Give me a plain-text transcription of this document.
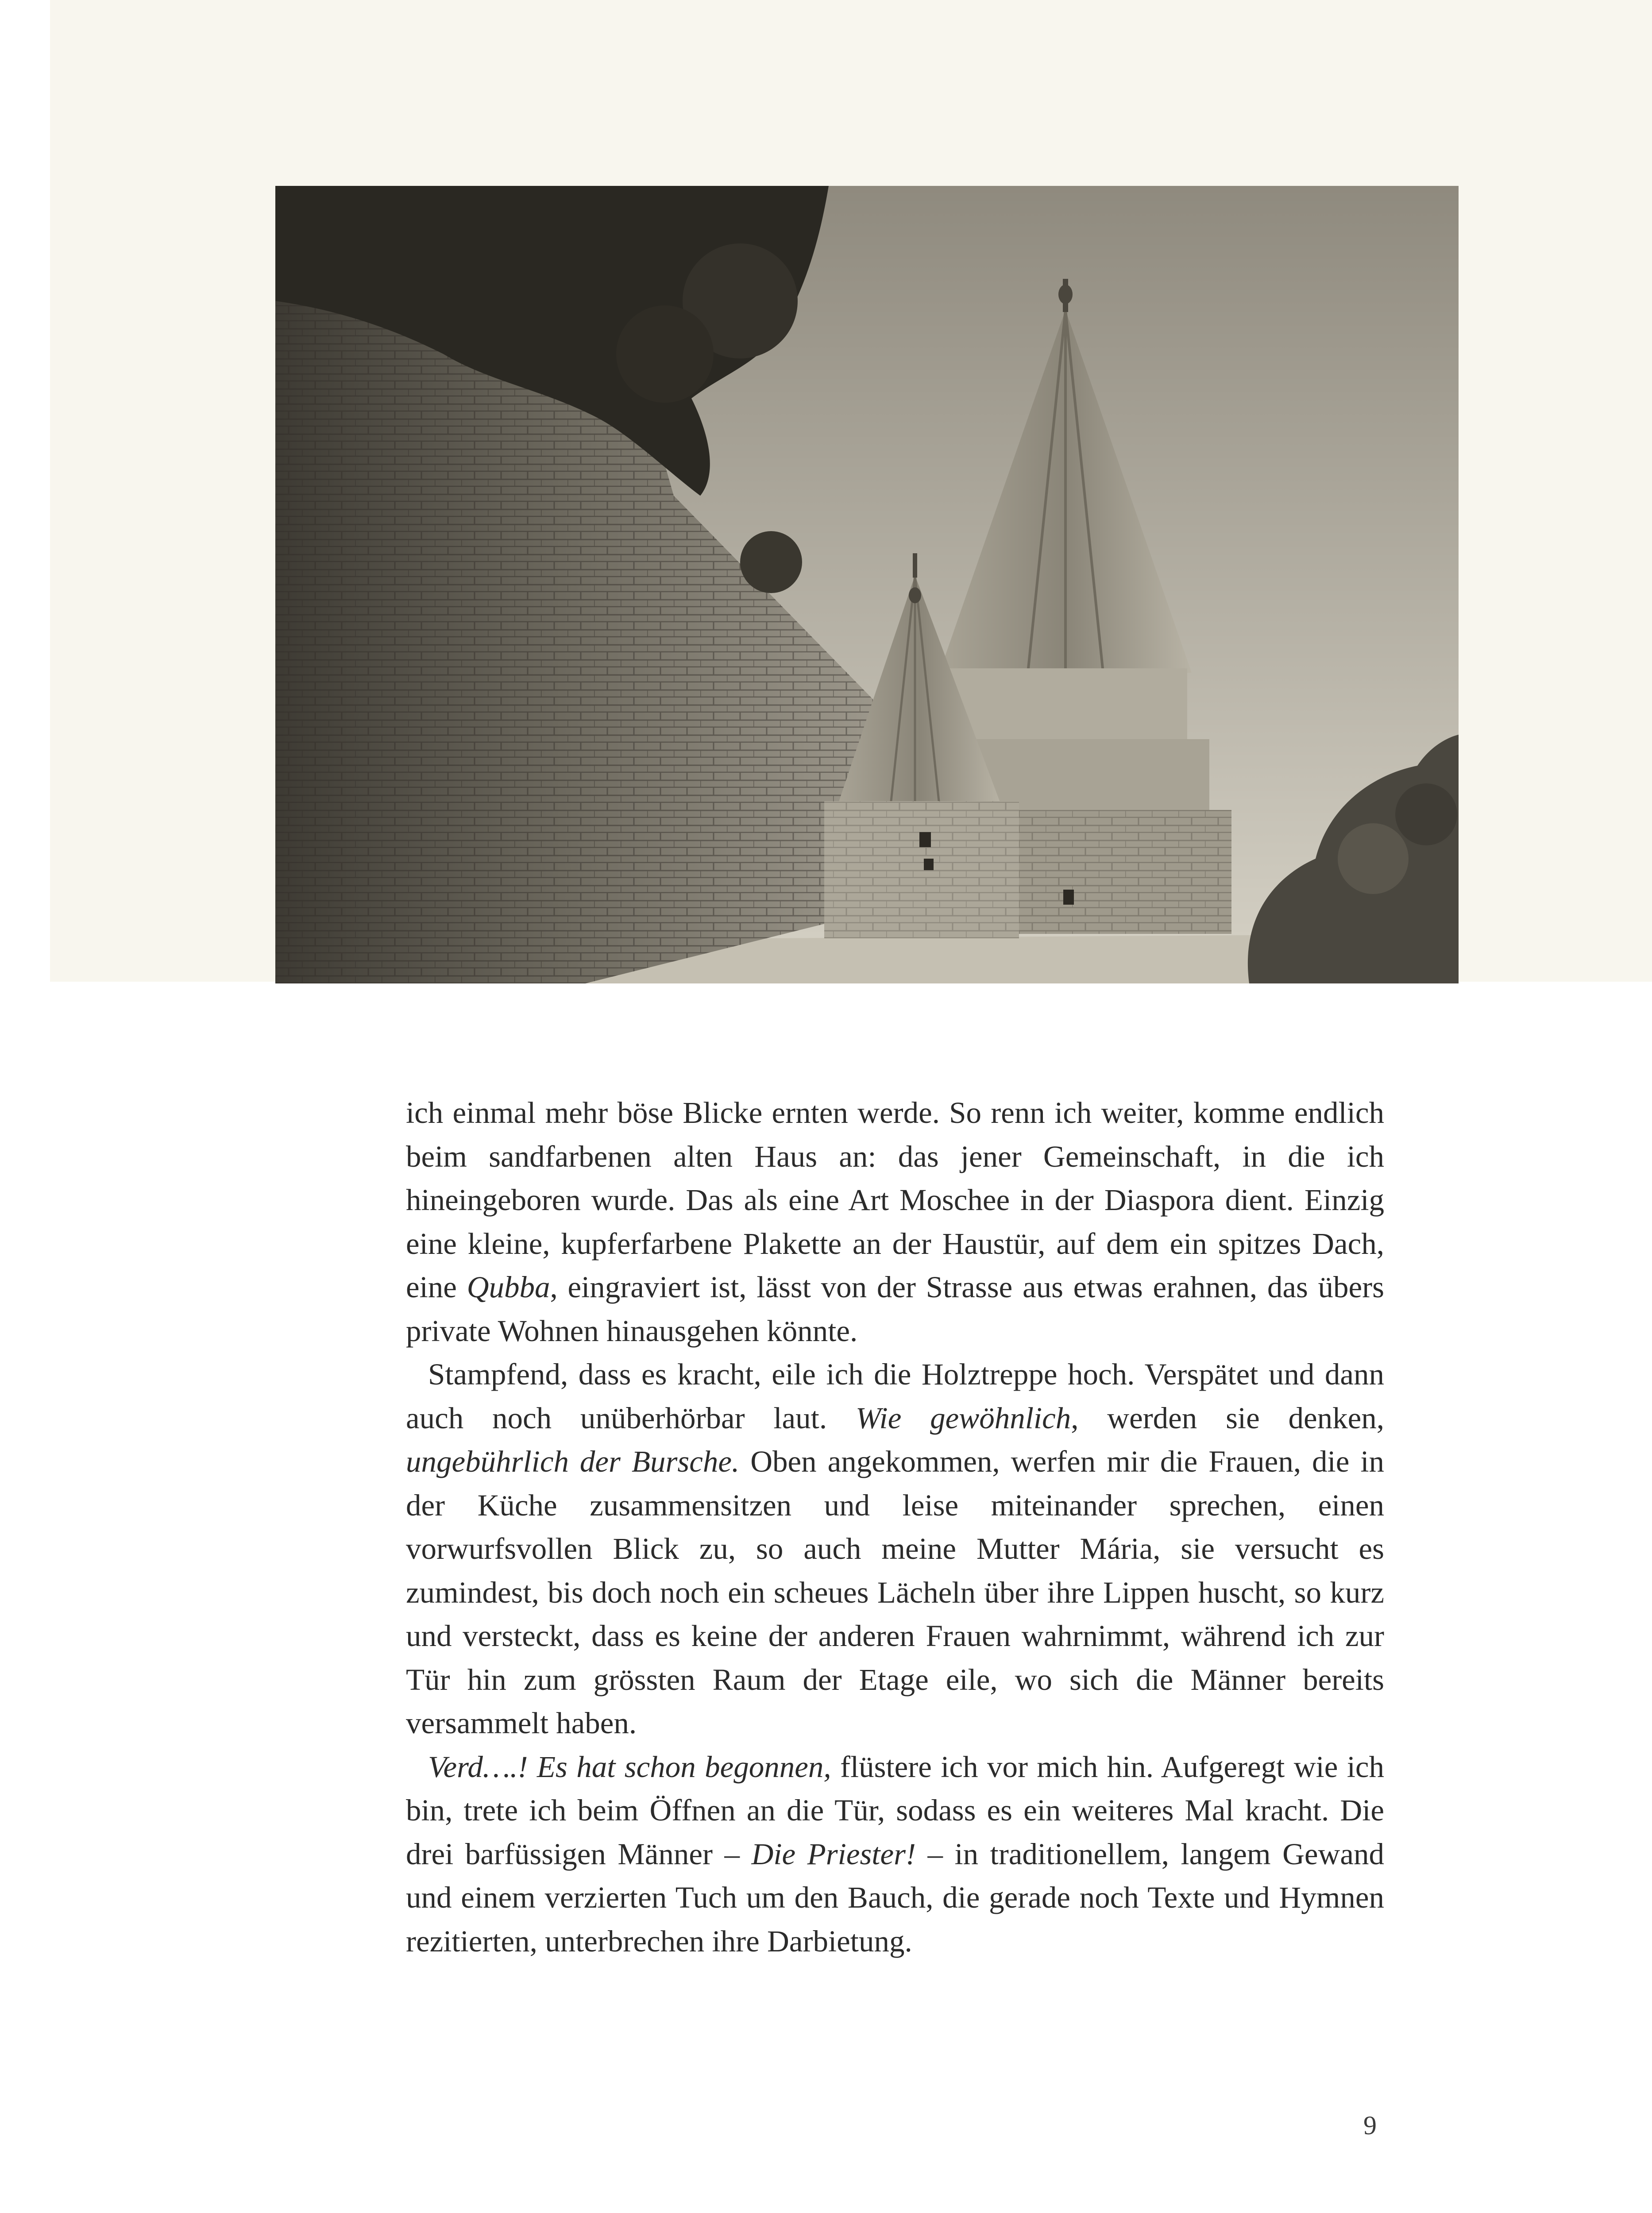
ich einmal mehr böse Blicke ernten werde. So renn ich weiter, komme endlich beim sandfarbenen alten Haus an: das jener Gemeinschaft, in die ich hineingeboren wurde. Das als eine Art Moschee in der Diaspora dient. Einzig eine kleine, kupferfarbene Plakette an der Haustür, auf dem ein spitzes Dach, eine Qubba, eingraviert ist, lässt von der Strasse aus etwas erahnen, das übers private Wohnen hinausgehen könnte.

Stampfend, dass es kracht, eile ich die Holztreppe hoch. Verspätet und dann auch noch unüberhörbar laut. Wie gewöhnlich, werden sie denken, ungebührlich der Bursche. Oben angekommen, werfen mir die Frauen, die in der Küche zusammensitzen und leise miteinander sprechen, einen vorwurfsvollen Blick zu, so auch meine Mutter Mária, sie versucht es zumindest, bis doch noch ein scheues Lächeln über ihre Lippen huscht, so kurz und versteckt, dass es keine der anderen Frauen wahrnimmt, während ich zur Tür hin zum grössten Raum der Etage eile, wo sich die Männer bereits versammelt haben.

Verd….! Es hat schon begonnen, flüstere ich vor mich hin. Aufgeregt wie ich bin, trete ich beim Öffnen an die Tür, sodass es ein weiteres Mal kracht. Die drei barfüssigen Männer – Die Priester! – in traditionellem, langem Gewand und einem verzierten Tuch um den Bauch, die gerade noch Texte und Hymnen rezitierten, unterbrechen ihre Darbietung.

9
